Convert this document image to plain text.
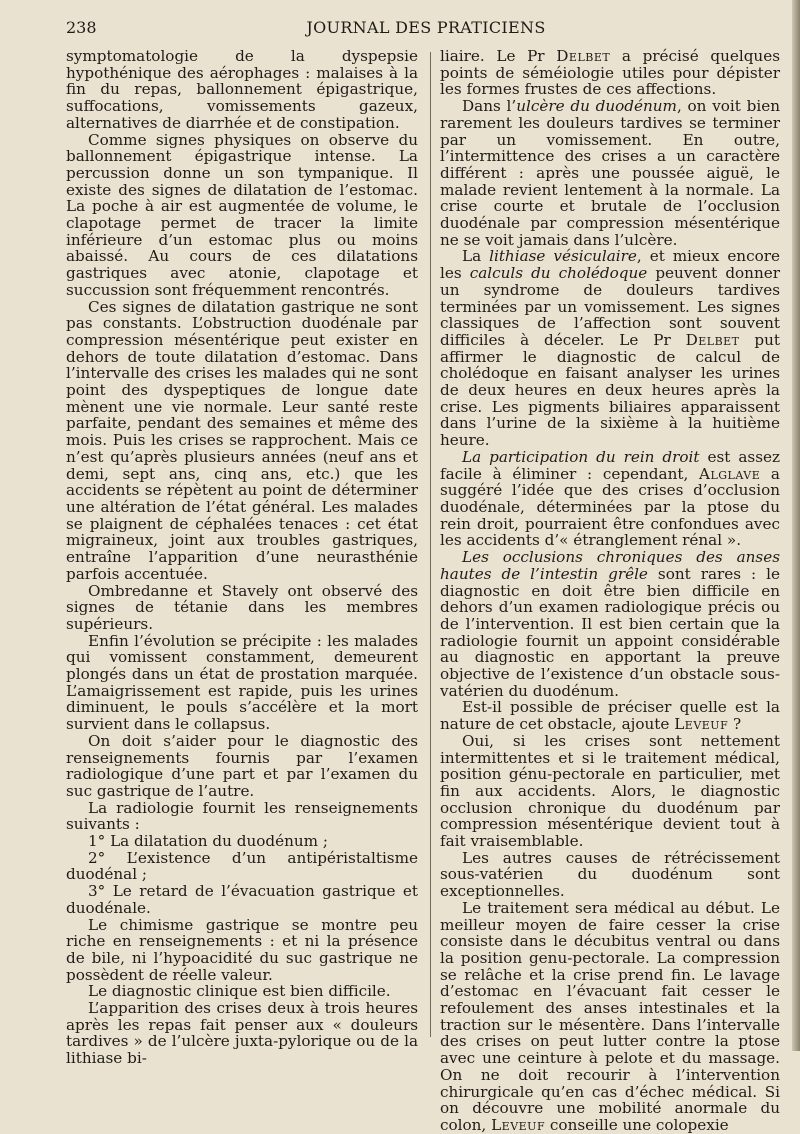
238	JOURNAL DES PRATICIENS

symptomatologie de la dyspepsie hypothénique des aérophages : malaises à la fin du repas, ballonnement épigastrique, suffocations, vomissements gazeux, alternatives de diarrhée et de constipation.

Comme signes physiques on observe du ballonnement épigastrique intense. La percussion donne un son tympanique. Il existe des signes de dilatation de l’estomac. La poche à air est augmentée de volume, le clapotage permet de tracer la limite inférieure d’un estomac plus ou moins abaissé. Au cours de ces dilatations gastriques avec atonie, clapotage et succussion sont fréquemment rencontrés.

Ces signes de dilatation gastrique ne sont pas constants. L’obstruction duodénale par compression mésentérique peut exister en dehors de toute dilatation d’estomac. Dans l’intervalle des crises les malades qui ne sont point des dyspeptiques de longue date mènent une vie normale. Leur santé reste parfaite, pendant des semaines et même des mois. Puis les crises se rapprochent. Mais ce n’est qu’après plusieurs années (neuf ans et demi, sept ans, cinq ans, etc.) que les accidents se répètent au point de déterminer une altération de l’état général. Les malades se plaignent de céphalées tenaces : cet état migraineux, joint aux troubles gastriques, entraîne l’apparition d’une neurasthénie parfois accentuée.

Ombredanne et Stavely ont observé des signes de tétanie dans les membres supérieurs.

Enfin l’évolution se précipite : les malades qui vomissent constamment, demeurent plongés dans un état de prostation marquée. L’amaigrissement est rapide, puis les urines diminuent, le pouls s’accélère et la mort survient dans le collapsus.

On doit s’aider pour le diagnostic des renseignements fournis par l’examen radiologique d’une part et par l’examen du suc gastrique de l’autre.

La radiologie fournit les renseignements suivants :

1° La dilatation du duodénum ;

2° L’existence d’un antipéristaltisme duodénal ;

3° Le retard de l’évacuation gastrique et duodénale.

Le chimisme gastrique se montre peu riche en renseignements : et ni la présence de bile, ni l’hypoacidité du suc gastrique ne possèdent de réelle valeur.

Le diagnostic clinique est bien difficile.

L’apparition des crises deux à trois heures après les repas fait penser aux « douleurs tardives » de l’ulcère juxta-pylorique ou de la lithiase bi-

liaire. Le Pr Delbet a précisé quelques points de séméiologie utiles pour dépister les formes frustes de ces affections.

Dans l’ulcère du duodénum, on voit bien rarement les douleurs tardives se terminer par un vomissement. En outre, l’intermittence des crises a un caractère différent : après une poussée aiguë, le malade revient lentement à la normale. La crise courte et brutale de l’occlusion duodénale par compression mésentérique ne se voit jamais dans l’ulcère.

La lithiase vésiculaire, et mieux encore les calculs du cholédoque peuvent donner un syndrome de douleurs tardives terminées par un vomissement. Les signes classiques de l’affection sont souvent difficiles à déceler. Le Pr Delbet put affirmer le diagnostic de calcul de cholédoque en faisant analyser les urines de deux heures en deux heures après la crise. Les pigments biliaires apparaissent dans l’urine de la sixième à la huitième heure.

La participation du rein droit est assez facile à éliminer : cependant, Alglave a suggéré l’idée que des crises d’occlusion duodénale, déterminées par la ptose du rein droit, pourraient être confondues avec les accidents d’« étranglement rénal ».

Les occlusions chroniques des anses hautes de l’intestin grêle sont rares : le diagnostic en doit être bien difficile en dehors d’un examen radiologique précis ou de l’intervention. Il est bien certain que la radiologie fournit un appoint considérable au diagnostic en apportant la preuve objective de l’existence d’un obstacle sous-vatérien du duodénum.

Est-il possible de préciser quelle est la nature de cet obstacle, ajoute Leveuf ?

Oui, si les crises sont nettement intermittentes et si le traitement médical, position génu-pectorale en particulier, met fin aux accidents. Alors, le diagnostic occlusion chronique du duodénum par compression mésentérique devient tout à fait vraisemblable.

Les autres causes de rétrécissement sous-vatérien du duodénum sont exceptionnelles.

Le traitement sera médical au début. Le meilleur moyen de faire cesser la crise consiste dans le décubitus ventral ou dans la position genu-pectorale. La compression se relâche et la crise prend fin. Le lavage d’estomac en l’évacuant fait cesser le refoulement des anses intestinales et la traction sur le mésentère. Dans l’intervalle des crises on peut lutter contre la ptose avec une ceinture à pelote et du massage. On ne doit recourir à l’intervention chirurgicale qu’en cas d’échec médical. Si on découvre une mobilité anormale du colon, Leveuf conseille une colopexie
